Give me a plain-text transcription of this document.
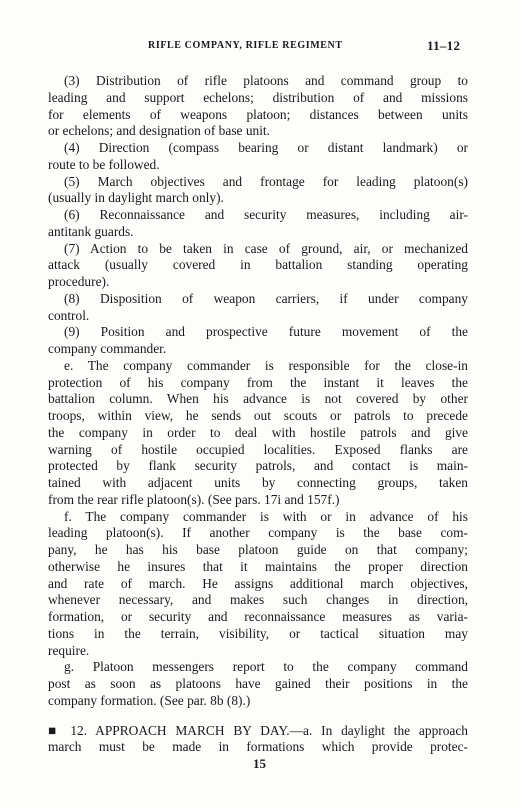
RIFLE COMPANY, RIFLE REGIMENT	11–12
(3) Distribution of rifle platoons and command group to
leading and support echelons; distribution of and missions
for elements of weapons platoon; distances between units
or echelons; and designation of base unit.
(4) Direction (compass bearing or distant landmark) or
route to be followed.
(5) March objectives and frontage for leading platoon(s)
(usually in daylight march only).
(6) Reconnaissance and security measures, including air-
antitank guards.
(7) Action to be taken in case of ground, air, or mechanized
attack (usually covered in battalion standing operating
procedure).
(8) Disposition of weapon carriers, if under company
control.
(9) Position and prospective future movement of the
company commander.
e. The company commander is responsible for the close-in
protection of his company from the instant it leaves the
battalion column. When his advance is not covered by other
troops, within view, he sends out scouts or patrols to precede
the company in order to deal with hostile patrols and give
warning of hostile occupied localities. Exposed flanks are
protected by flank security patrols, and contact is main-
tained with adjacent units by connecting groups, taken
from the rear rifle platoon(s). (See pars. 17i and 157f.)
f. The company commander is with or in advance of his
leading platoon(s). If another company is the base com-
pany, he has his base platoon guide on that company;
otherwise he insures that it maintains the proper direction
and rate of march. He assigns additional march objectives,
whenever necessary, and makes such changes in direction,
formation, or security and reconnaissance measures as varia-
tions in the terrain, visibility, or tactical situation may
require.
g. Platoon messengers report to the company command
post as soon as platoons have gained their positions in the
company formation. (See par. 8b (8).)
■ 12. APPROACH MARCH BY DAY.—a. In daylight the approach
march must be made in formations which provide protec-
15
